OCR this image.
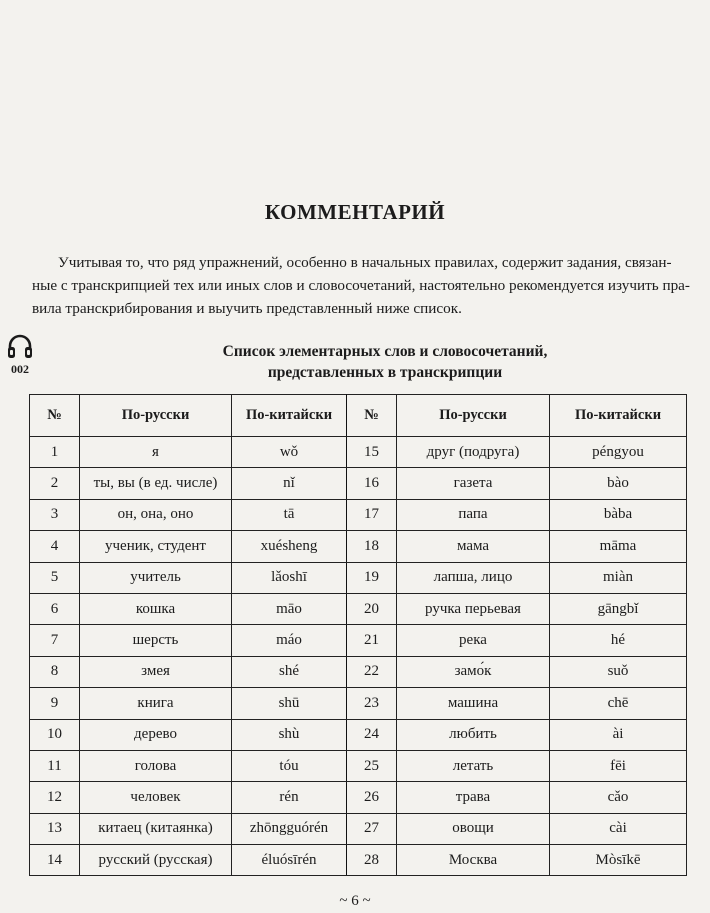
КОММЕНТАРИЙ

Учитывая то, что ряд упражнений, особенно в начальных правилах, содержит задания, связан-
ные с транскрипцией тех или иных слов и словосочетаний, настоятельно рекомендуется изучить пра-
вила транскрибирования и выучить представленный ниже список.

002
Список элементарных слов и словосочетаний,
представленных в транскрипции
№	По-русски	По-китайски	№	По-русски	По-китайски
1	я	wǒ	15	друг (подруга)	péngyou
2	ты, вы (в ед. числе)	nǐ	16	газета	bào
3	он, она, оно	tā	17	папа	bàba
4	ученик, студент	xuésheng	18	мама	māma
5	учитель	lǎoshī	19	лапша, лицо	miàn
6	кошка	māo	20	ручка перьевая	gāngbǐ
7	шерсть	máo	21	река	hé
8	змея	shé	22	замо́к	suǒ
9	книга	shū	23	машина	chē
10	дерево	shù	24	любить	ài
11	голова	tóu	25	летать	fēi
12	человек	rén	26	трава	cǎo
13	китаец (китаянка)	zhōngguórén	27	овощи	cài
14	русский (русская)	éluósīrén	28	Москва	Mòsīkē

~ 6 ~
